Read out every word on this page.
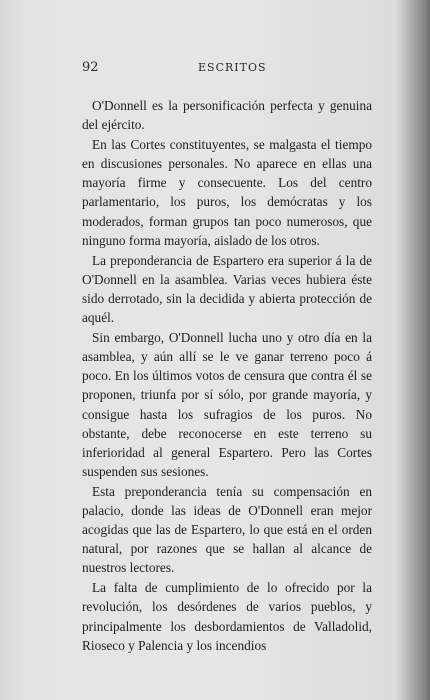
92	ESCRITOS

O'Donnell es la personificación perfecta y genuina del ejército.

En las Cortes constituyentes, se malgasta el tiempo en discusiones personales. No aparece en ellas una mayoría firme y consecuente. Los del centro parlamentario, los puros, los demócratas y los moderados, forman grupos tan poco numerosos, que ninguno forma mayoría, aislado de los otros.

La preponderancia de Espartero era superior á la de O'Donnell en la asamblea. Varias veces hubiera éste sido derrotado, sin la decidida y abierta protección de aquél.

Sin embargo, O'Donnell lucha uno y otro día en la asamblea, y aún allí se le ve ganar terreno poco á poco. En los últimos votos de censura que contra él se proponen, triunfa por sí sólo, por grande mayoría, y consigue hasta los sufragios de los puros. No obstante, debe reconocerse en este terreno su inferioridad al general Espartero. Pero las Cortes suspenden sus sesiones.

Esta preponderancia tenía su compensación en palacio, donde las ideas de O'Donnell eran mejor acogidas que las de Espartero, lo que está en el orden natural, por razones que se hallan al alcance de nuestros lectores.

La falta de cumplimiento de lo ofrecido por la revolución, los desórdenes de varios pueblos, y principalmente los desbordamientos de Valladolid, Rioseco y Palencia y los incendios
